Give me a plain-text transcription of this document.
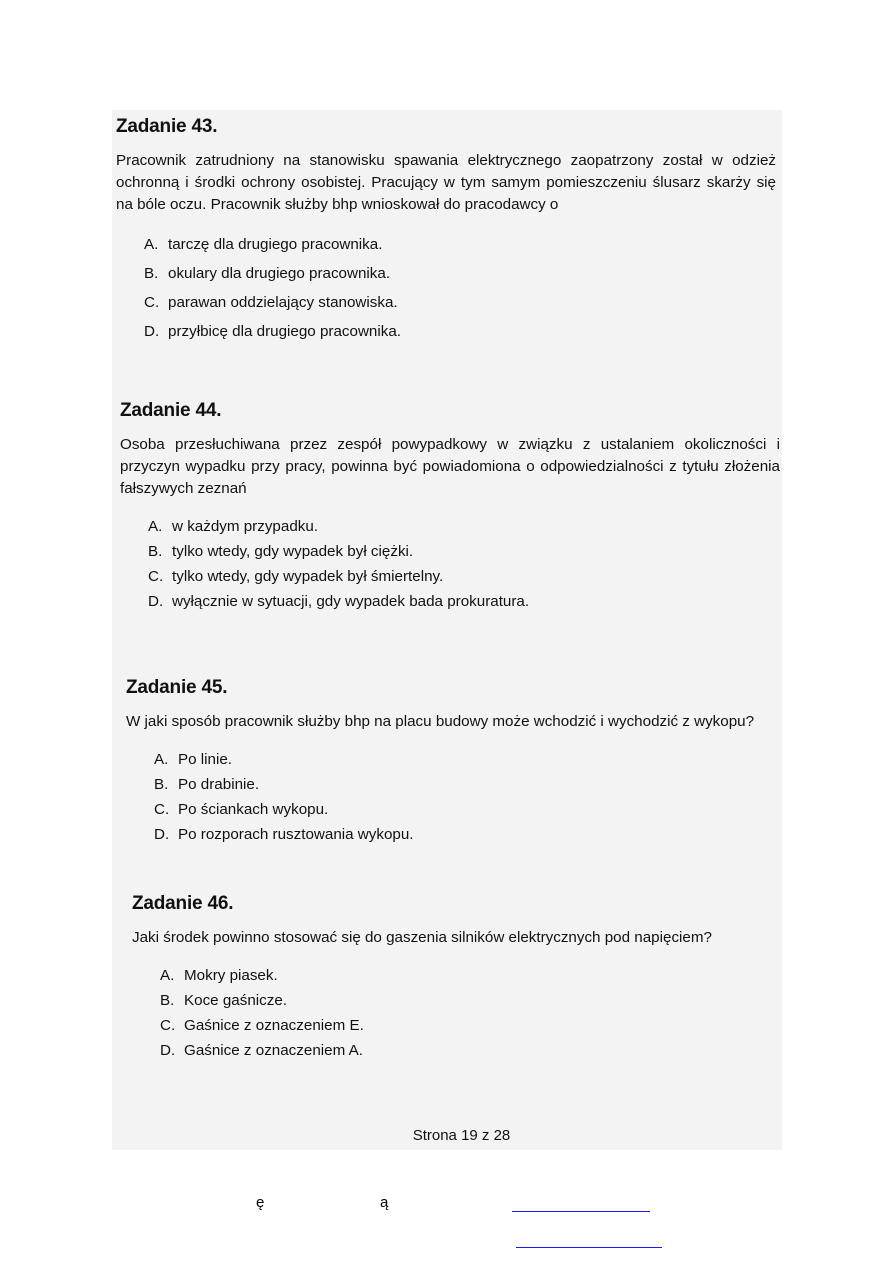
Zadanie 43.

Pracownik zatrudniony na stanowisku spawania elektrycznego zaopatrzony został w odzież ochronną i środki ochrony osobistej. Pracujący w tym samym pomieszczeniu ślusarz skarży się na bóle oczu. Pracownik służby bhp wnioskował do pracodawcy o

A. tarczę dla drugiego pracownika.
B. okulary dla drugiego pracownika.
C. parawan oddzielający stanowiska.
D. przyłbicę dla drugiego pracownika.
Zadanie 44.

Osoba przesłuchiwana przez zespół powypadkowy w związku z ustalaniem okoliczności i przyczyn wypadku przy pracy, powinna być powiadomiona o odpowiedzialności z tytułu złożenia fałszywych zeznań

A. w każdym przypadku.
B. tylko wtedy, gdy wypadek był ciężki.
C. tylko wtedy, gdy wypadek był śmiertelny.
D. wyłącznie w sytuacji, gdy wypadek bada prokuratura.
Zadanie 45.

W jaki sposób pracownik służby bhp na placu budowy może wchodzić i wychodzić z wykopu?

A. Po linie.
B. Po drabinie.
C. Po ściankach wykopu.
D. Po rozporach rusztowania wykopu.
Zadanie 46.

Jaki środek powinno stosować się do gaszenia silników elektrycznych pod napięciem?

A. Mokry piasek.
B. Koce gaśnicze.
C. Gaśnice z oznaczeniem E.
D. Gaśnice z oznaczeniem A.
Strona 19 z 28
ę	ą
